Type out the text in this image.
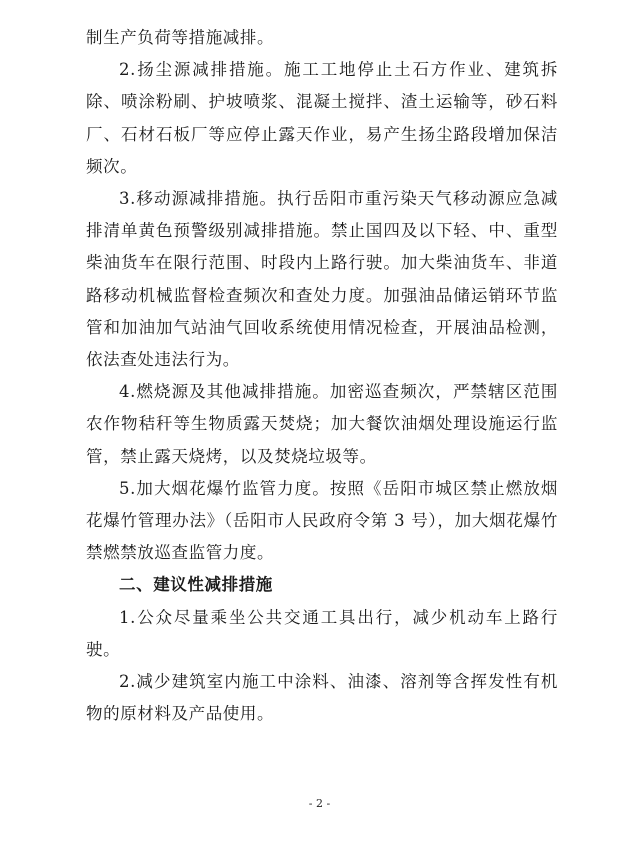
制生产负荷等措施减排。

2.扬尘源减排措施。施工工地停止土石方作业、建筑拆除、喷涂粉刷、护坡喷浆、混凝土搅拌、渣土运输等，砂石料厂、石材石板厂等应停止露天作业，易产生扬尘路段增加保洁频次。

3.移动源减排措施。执行岳阳市重污染天气移动源应急减排清单黄色预警级别减排措施。禁止国四及以下轻、中、重型柴油货车在限行范围、时段内上路行驶。加大柴油货车、非道路移动机械监督检查频次和查处力度。加强油品储运销环节监管和加油加气站油气回收系统使用情况检查，开展油品检测，依法查处违法行为。

4.燃烧源及其他减排措施。加密巡查频次，严禁辖区范围农作物秸秆等生物质露天焚烧；加大餐饮油烟处理设施运行监管，禁止露天烧烤，以及焚烧垃圾等。

5.加大烟花爆竹监管力度。按照《岳阳市城区禁止燃放烟花爆竹管理办法》（岳阳市人民政府令第 3 号），加大烟花爆竹禁燃禁放巡查监管力度。

二、建议性减排措施

1.公众尽量乘坐公共交通工具出行，减少机动车上路行驶。

2.减少建筑室内施工中涂料、油漆、溶剂等含挥发性有机物的原材料及产品使用。

- 2 -
